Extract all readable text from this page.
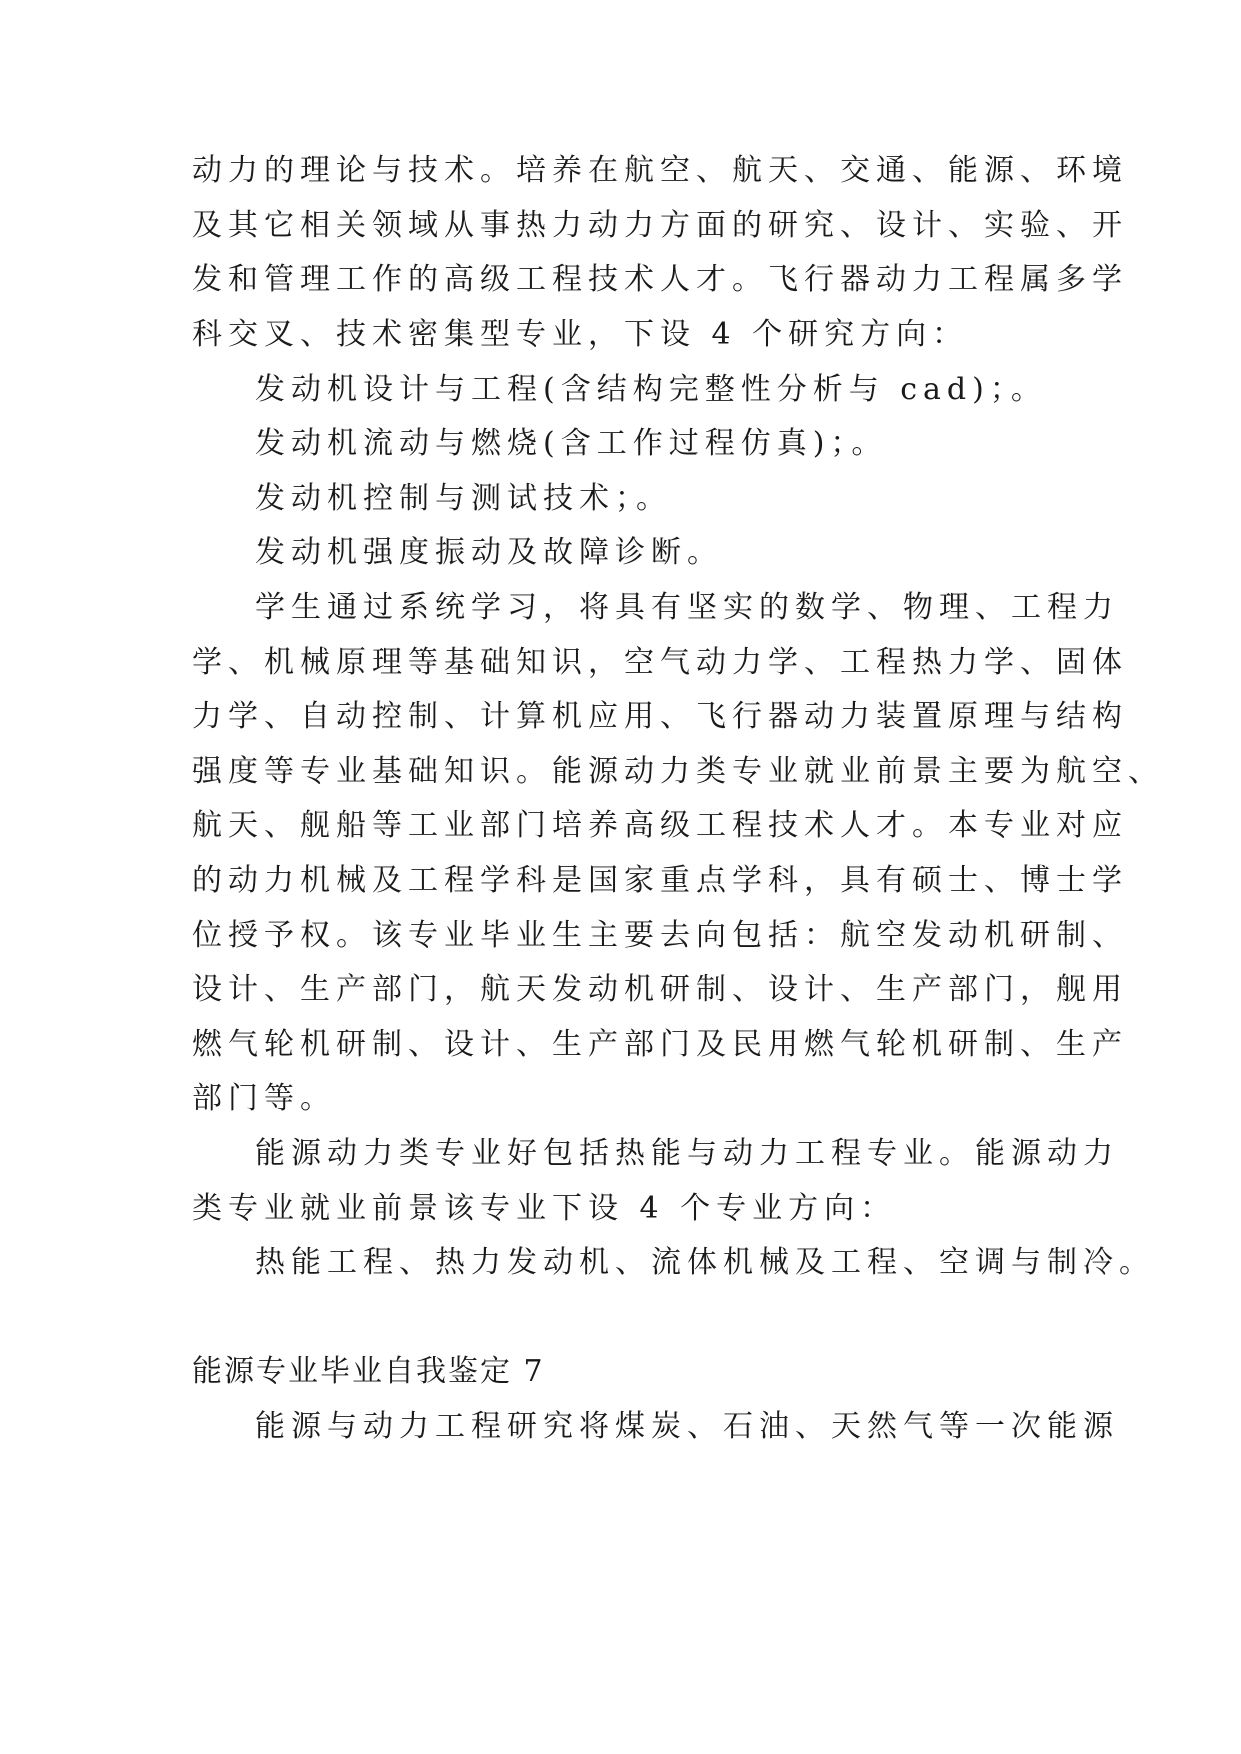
动力的理论与技术。培养在航空、航天、交通、能源、环境
及其它相关领域从事热力动力方面的研究、设计、实验、开
发和管理工作的高级工程技术人才。飞行器动力工程属多学
科交叉、技术密集型专业，下设 4 个研究方向：
发动机设计与工程(含结构完整性分析与 cad)；。
发动机流动与燃烧(含工作过程仿真)；。
发动机控制与测试技术；。
发动机强度振动及故障诊断。
学生通过系统学习，将具有坚实的数学、物理、工程力
学、机械原理等基础知识，空气动力学、工程热力学、固体
力学、自动控制、计算机应用、飞行器动力装置原理与结构
强度等专业基础知识。能源动力类专业就业前景主要为航空、
航天、舰船等工业部门培养高级工程技术人才。本专业对应
的动力机械及工程学科是国家重点学科，具有硕士、博士学
位授予权。该专业毕业生主要去向包括：航空发动机研制、
设计、生产部门，航天发动机研制、设计、生产部门，舰用
燃气轮机研制、设计、生产部门及民用燃气轮机研制、生产
部门等。
能源动力类专业好包括热能与动力工程专业。能源动力
类专业就业前景该专业下设 4 个专业方向：
热能工程、热力发动机、流体机械及工程、空调与制冷。
能源专业毕业自我鉴定 7
能源与动力工程研究将煤炭、石油、天然气等一次能源
